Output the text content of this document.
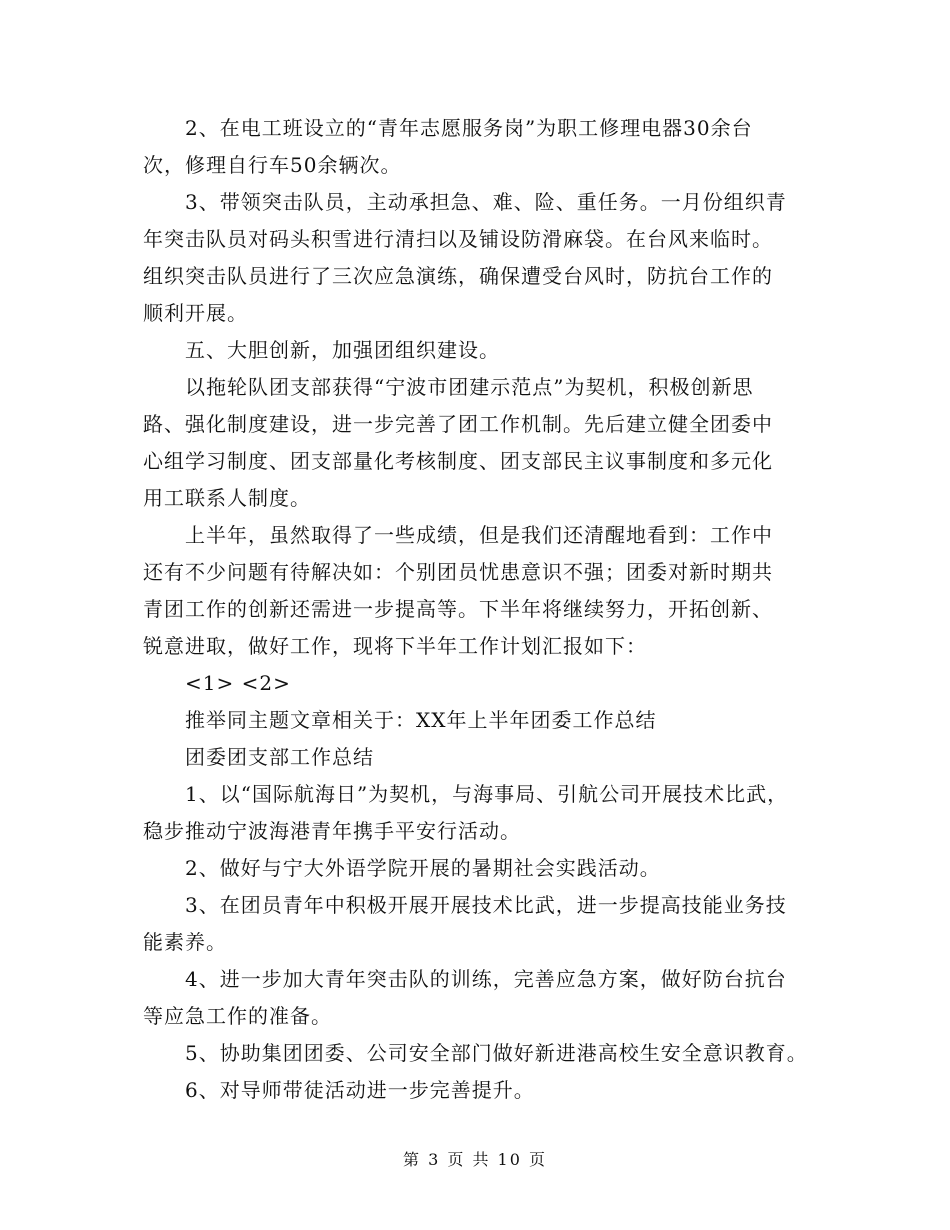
2、在电工班设立的“青年志愿服务岗”为职工修理电器30余台
次，修理自行车50余辆次。

3、带领突击队员，主动承担急、难、险、重任务。一月份组织青
年突击队员对码头积雪进行清扫以及铺设防滑麻袋。在台风来临时。
组织突击队员进行了三次应急演练，确保遭受台风时，防抗台工作的
顺利开展。

五、大胆创新，加强团组织建设。

以拖轮队团支部获得“宁波市团建示范点”为契机，积极创新思
路、强化制度建设，进一步完善了团工作机制。先后建立健全团委中
心组学习制度、团支部量化考核制度、团支部民主议事制度和多元化
用工联系人制度。

上半年，虽然取得了一些成绩，但是我们还清醒地看到：工作中
还有不少问题有待解决如：个别团员忧患意识不强；团委对新时期共
青团工作的创新还需进一步提高等。下半年将继续努力，开拓创新、
锐意进取，做好工作，现将下半年工作计划汇报如下：

<1> <2>

推举同主题文章相关于：XX年上半年团委工作总结

团委团支部工作总结

1、以“国际航海日”为契机，与海事局、引航公司开展技术比武，
稳步推动宁波海港青年携手平安行活动。

2、做好与宁大外语学院开展的暑期社会实践活动。

3、在团员青年中积极开展开展技术比武，进一步提高技能业务技
能素养。

4、进一步加大青年突击队的训练，完善应急方案，做好防台抗台
等应急工作的准备。

5、协助集团团委、公司安全部门做好新进港高校生安全意识教育。

6、对导师带徒活动进一步完善提升。

第 3 页 共 10 页
